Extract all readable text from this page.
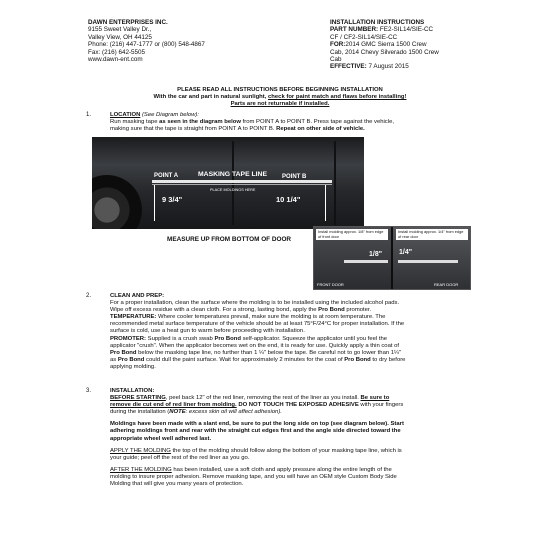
DAWN ENTERPRISES INC.
9155 Sweet Valley Dr.,
Valley View, OH 44125
Phone: (216) 447-1777 or (800) 548-4867
Fax: (216) 642-5505
www.dawn-ent.com
INSTALLATION INSTRUCTIONS
PART NUMBER: FE2-SIL14/SIE-CC
CF / CF2-SIL14/SIE-CC
FOR:2014 GMC Sierra 1500 Crew
Cab, 2014 Chevy Silverado 1500 Crew
Cab
EFFECTIVE: 7 August 2015
PLEASE READ ALL INSTRUCTIONS BEFORE BEGINNING INSTALLATION
With the car and part in natural sunlight, check for paint match and flaws before installing!
Parts are not returnable if installed.
1.	LOCATION (See Diagram below):
Run masking tape as seen in the diagram below from POINT A to POINT B. Press tape against the vehicle,
making sure that the tape is straight from POINT A to POINT B. Repeat on other side of vehicle.
POINT A	MASKING TAPE LINE	POINT B
PLACE MOLDINGS HERE
9 3/4"	10 1/4"
MEASURE UP FROM BOTTOM OF DOOR
Install molding approx. 1/8" from edge of front door
Install molding approx. 1/4" from edge of rear door
1/8" 1/4"
FRONT DOOR	REAR DOOR
2.	CLEAN AND PREP:
For a proper installation, clean the surface where the molding is to be installed using the included alcohol pads.
Wipe off excess residue with a clean cloth. For a strong, lasting bond, apply the Pro Bond promoter.
TEMPERATURE: Where cooler temperatures prevail, make sure the molding is at room temperature. The
recommended metal surface temperature of the vehicle should be at least 75°F/24°C for proper installation. If the
surface is cold, use a heat gun to warm before proceeding with installation.
PROMOTER: Supplied is a crush swab Pro Bond self-applicator. Squeeze the applicator until you feel the
applicator "crush". When the applicator becomes wet on the end, it is ready for use. Quickly apply a thin coat of
Pro Bond below the masking tape line, no further than 1 ¼" below the tape. Be careful not to go lower than 1¼"
as Pro Bond could dull the paint surface. Wait for approximately 2 minutes for the coat of Pro Bond to dry before
applying molding.
3.	INSTALLATION:
BEFORE STARTING, peel back 12" of the red liner, removing the rest of the liner as you install. Be sure to
remove die cut end of red liner from molding. DO NOT TOUCH THE EXPOSED ADHESIVE with your fingers
during the installation (NOTE: excess skin oil will affect adhesion).
Moldings have been made with a slant end, be sure to put the long side on top (see diagram below). Start
adhering moldings front and rear with the straight cut edges first and the angle side directed toward the
appropriate wheel well adhered last.
APPLY THE MOLDING the top of the molding should follow along the bottom of your masking tape line, which is
your guide; peel off the rest of the red liner as you go.
AFTER THE MOLDING has been installed, use a soft cloth and apply pressure along the entire length of the
molding to insure proper adhesion. Remove masking tape, and you will have an OEM style Custom Body Side
Molding that will give you many years of protection.
